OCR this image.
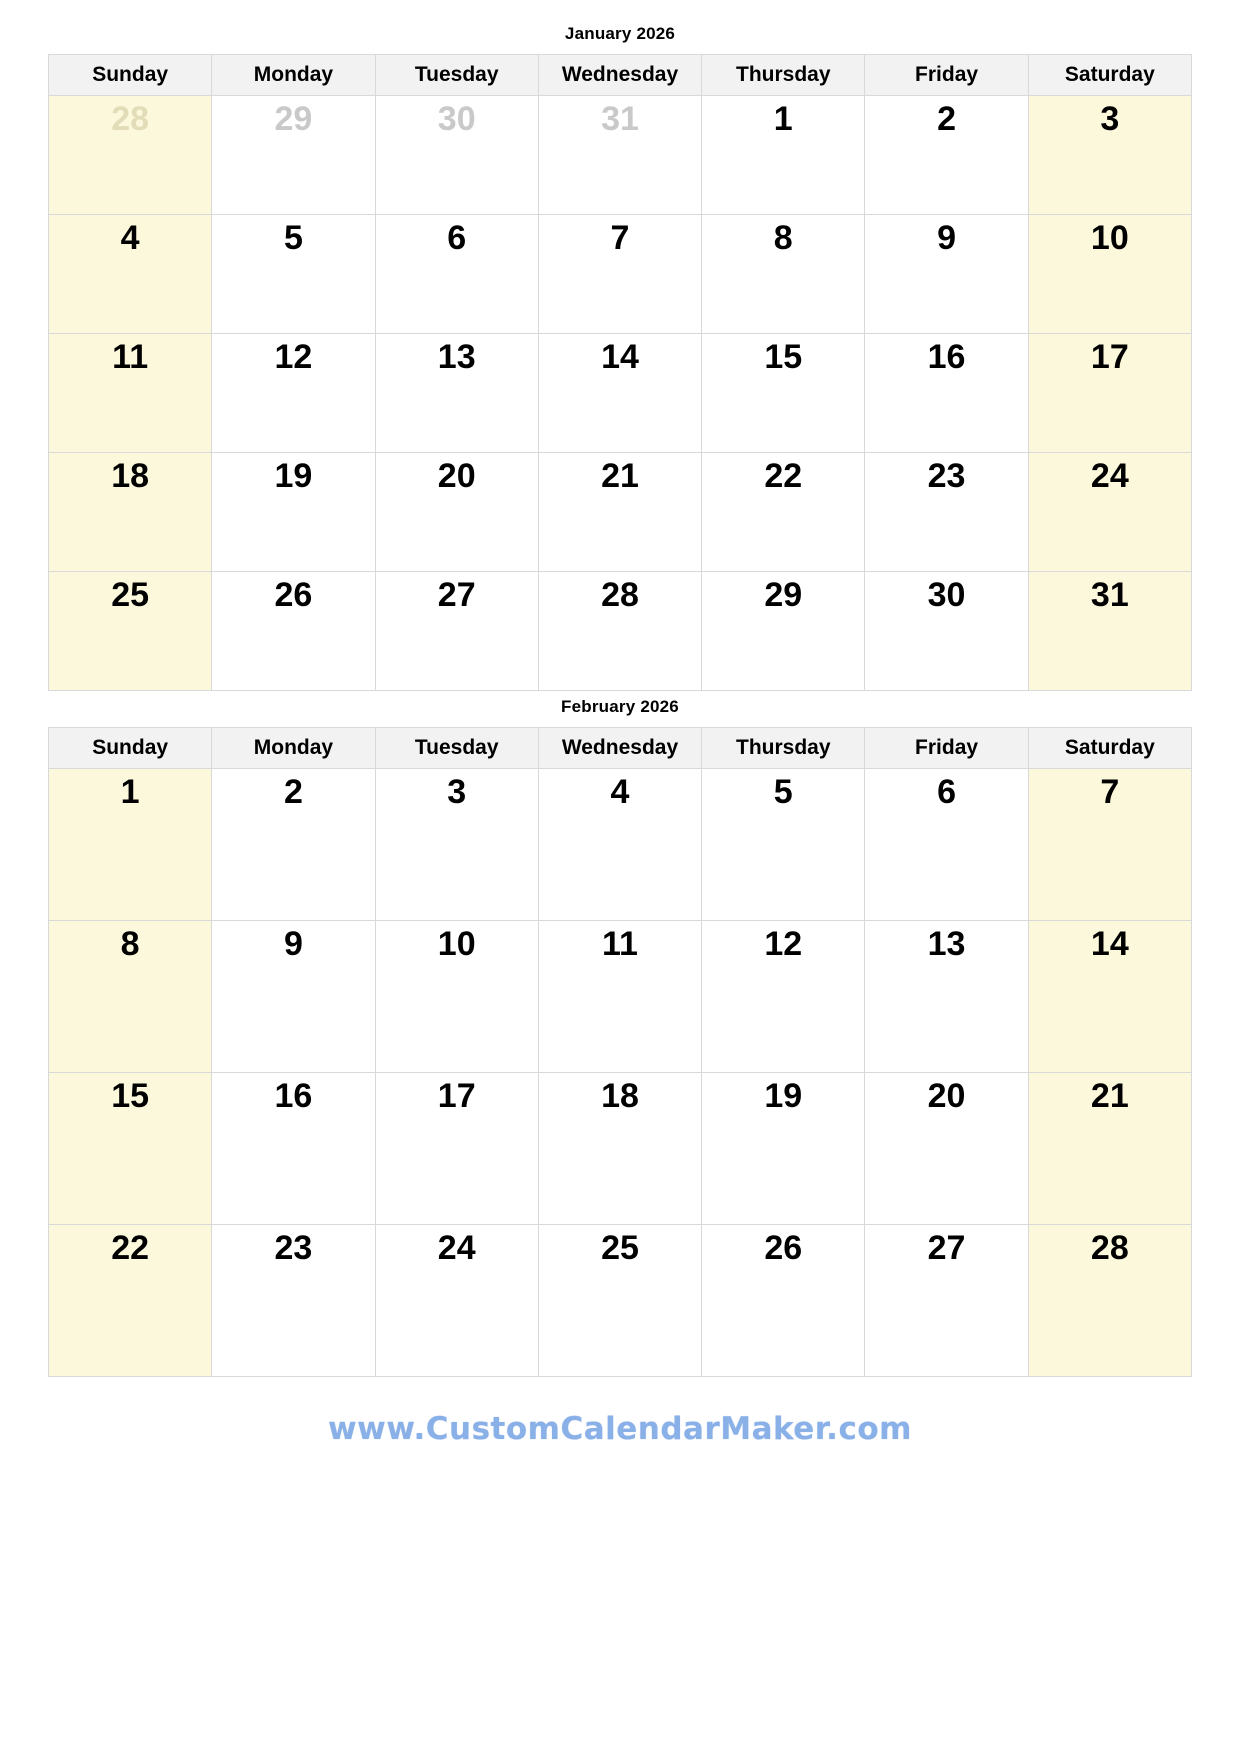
January 2026
Sunday	Monday	Tuesday	Wednesday	Thursday	Friday	Saturday

28	29	30	31	1	2	3

4	5	6	7	8	9	10

11	12	13	14	15	16	17

18	19	20	21	22	23	24

25	26	27	28	29	30	31
February 2026
Sunday	Monday	Tuesday	Wednesday	Thursday	Friday	Saturday

1	2	3	4	5	6	7

8	9	10	11	12	13	14

15	16	17	18	19	20	21

22	23	24	25	26	27	28
www.CustomCalendarMaker.com
